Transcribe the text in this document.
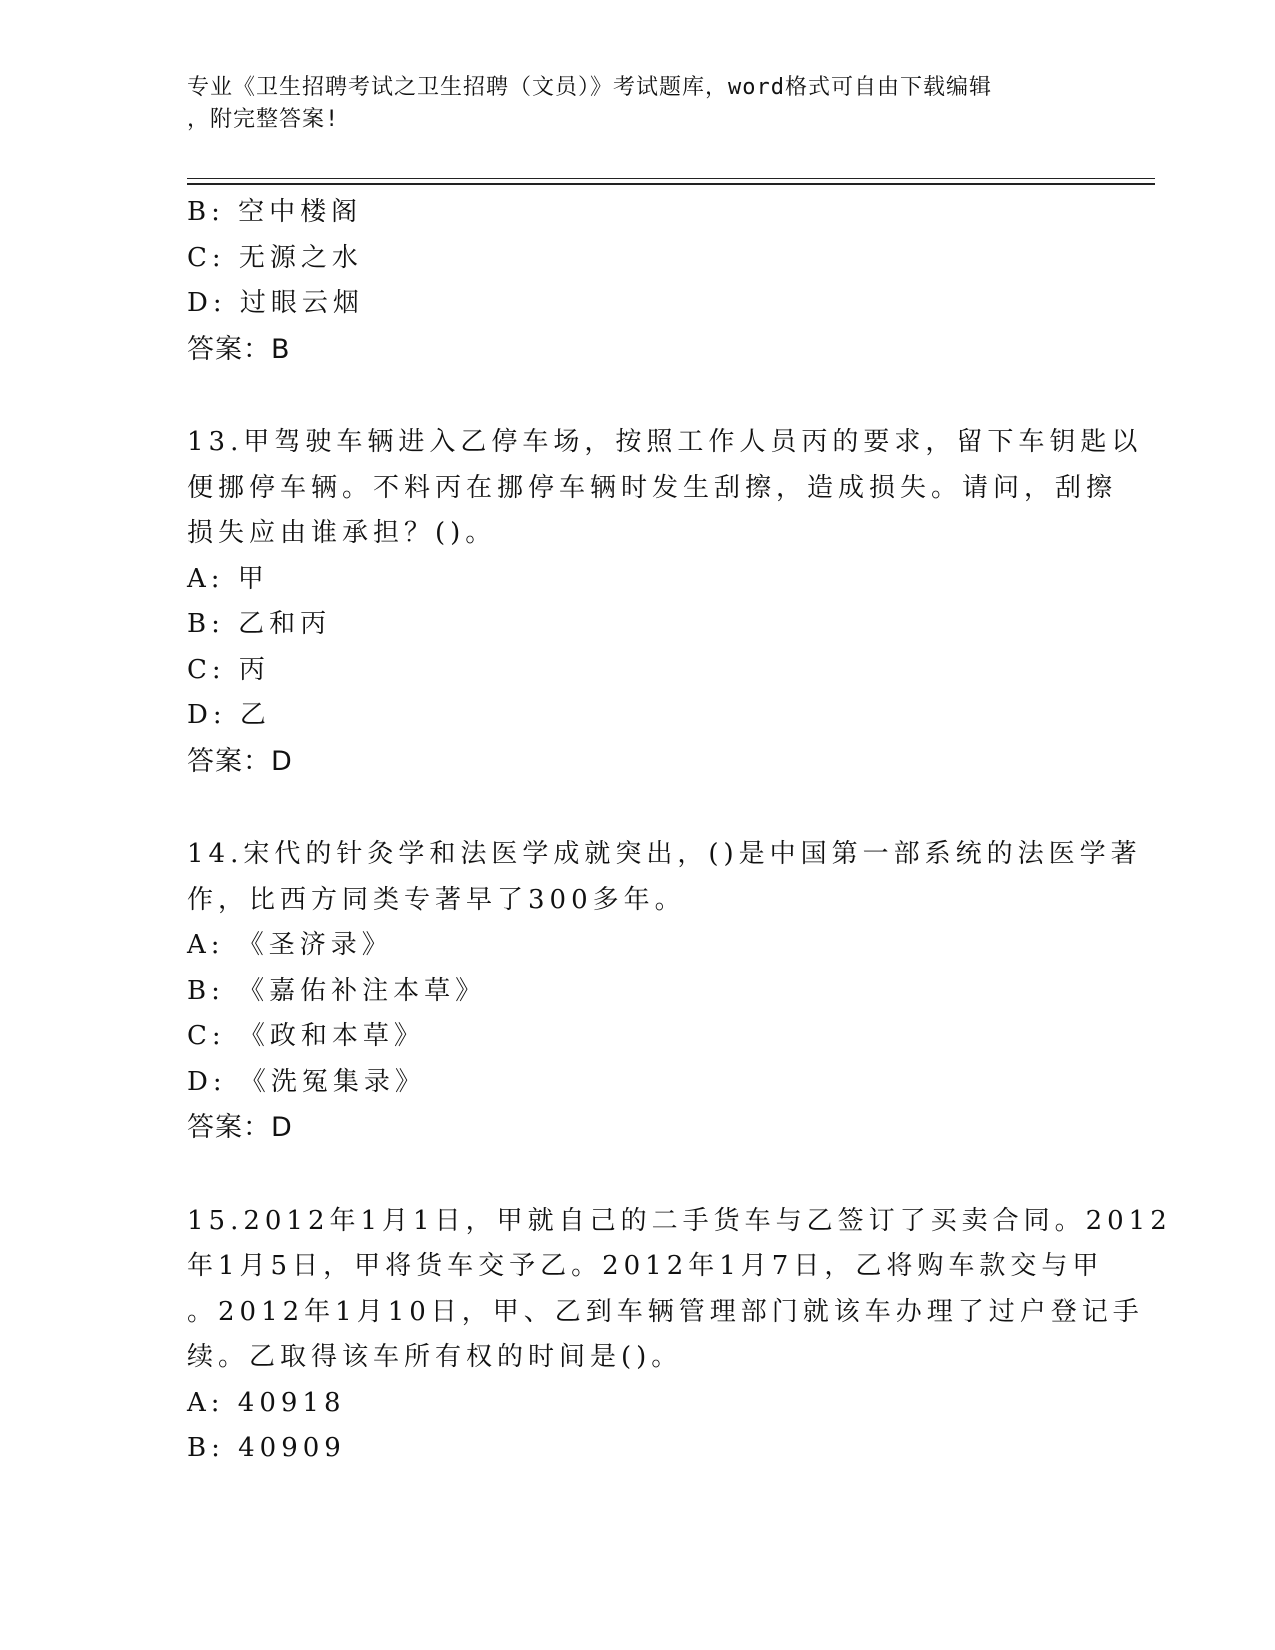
专业《卫生招聘考试之卫生招聘（文员）》考试题库，word格式可自由下载编辑
，附完整答案!
B: 空中楼阁
C: 无源之水
D: 过眼云烟
答案：B
13.甲驾驶车辆进入乙停车场，按照工作人员丙的要求，留下车钥匙以
便挪停车辆。不料丙在挪停车辆时发生刮擦，造成损失。请问，刮擦
损失应由谁承担？()。
A: 甲
B: 乙和丙
C: 丙
D: 乙
答案：D
14.宋代的针灸学和法医学成就突出，()是中国第一部系统的法医学著
作，比西方同类专著早了300多年。
A: 《圣济录》
B: 《嘉佑补注本草》
C: 《政和本草》
D: 《洗冤集录》
答案：D
15.2012年1月1日，甲就自己的二手货车与乙签订了买卖合同。2012
年1月5日，甲将货车交予乙。2012年1月7日，乙将购车款交与甲
。2012年1月10日，甲、乙到车辆管理部门就该车办理了过户登记手
续。乙取得该车所有权的时间是()。
A: 40918
B: 40909
